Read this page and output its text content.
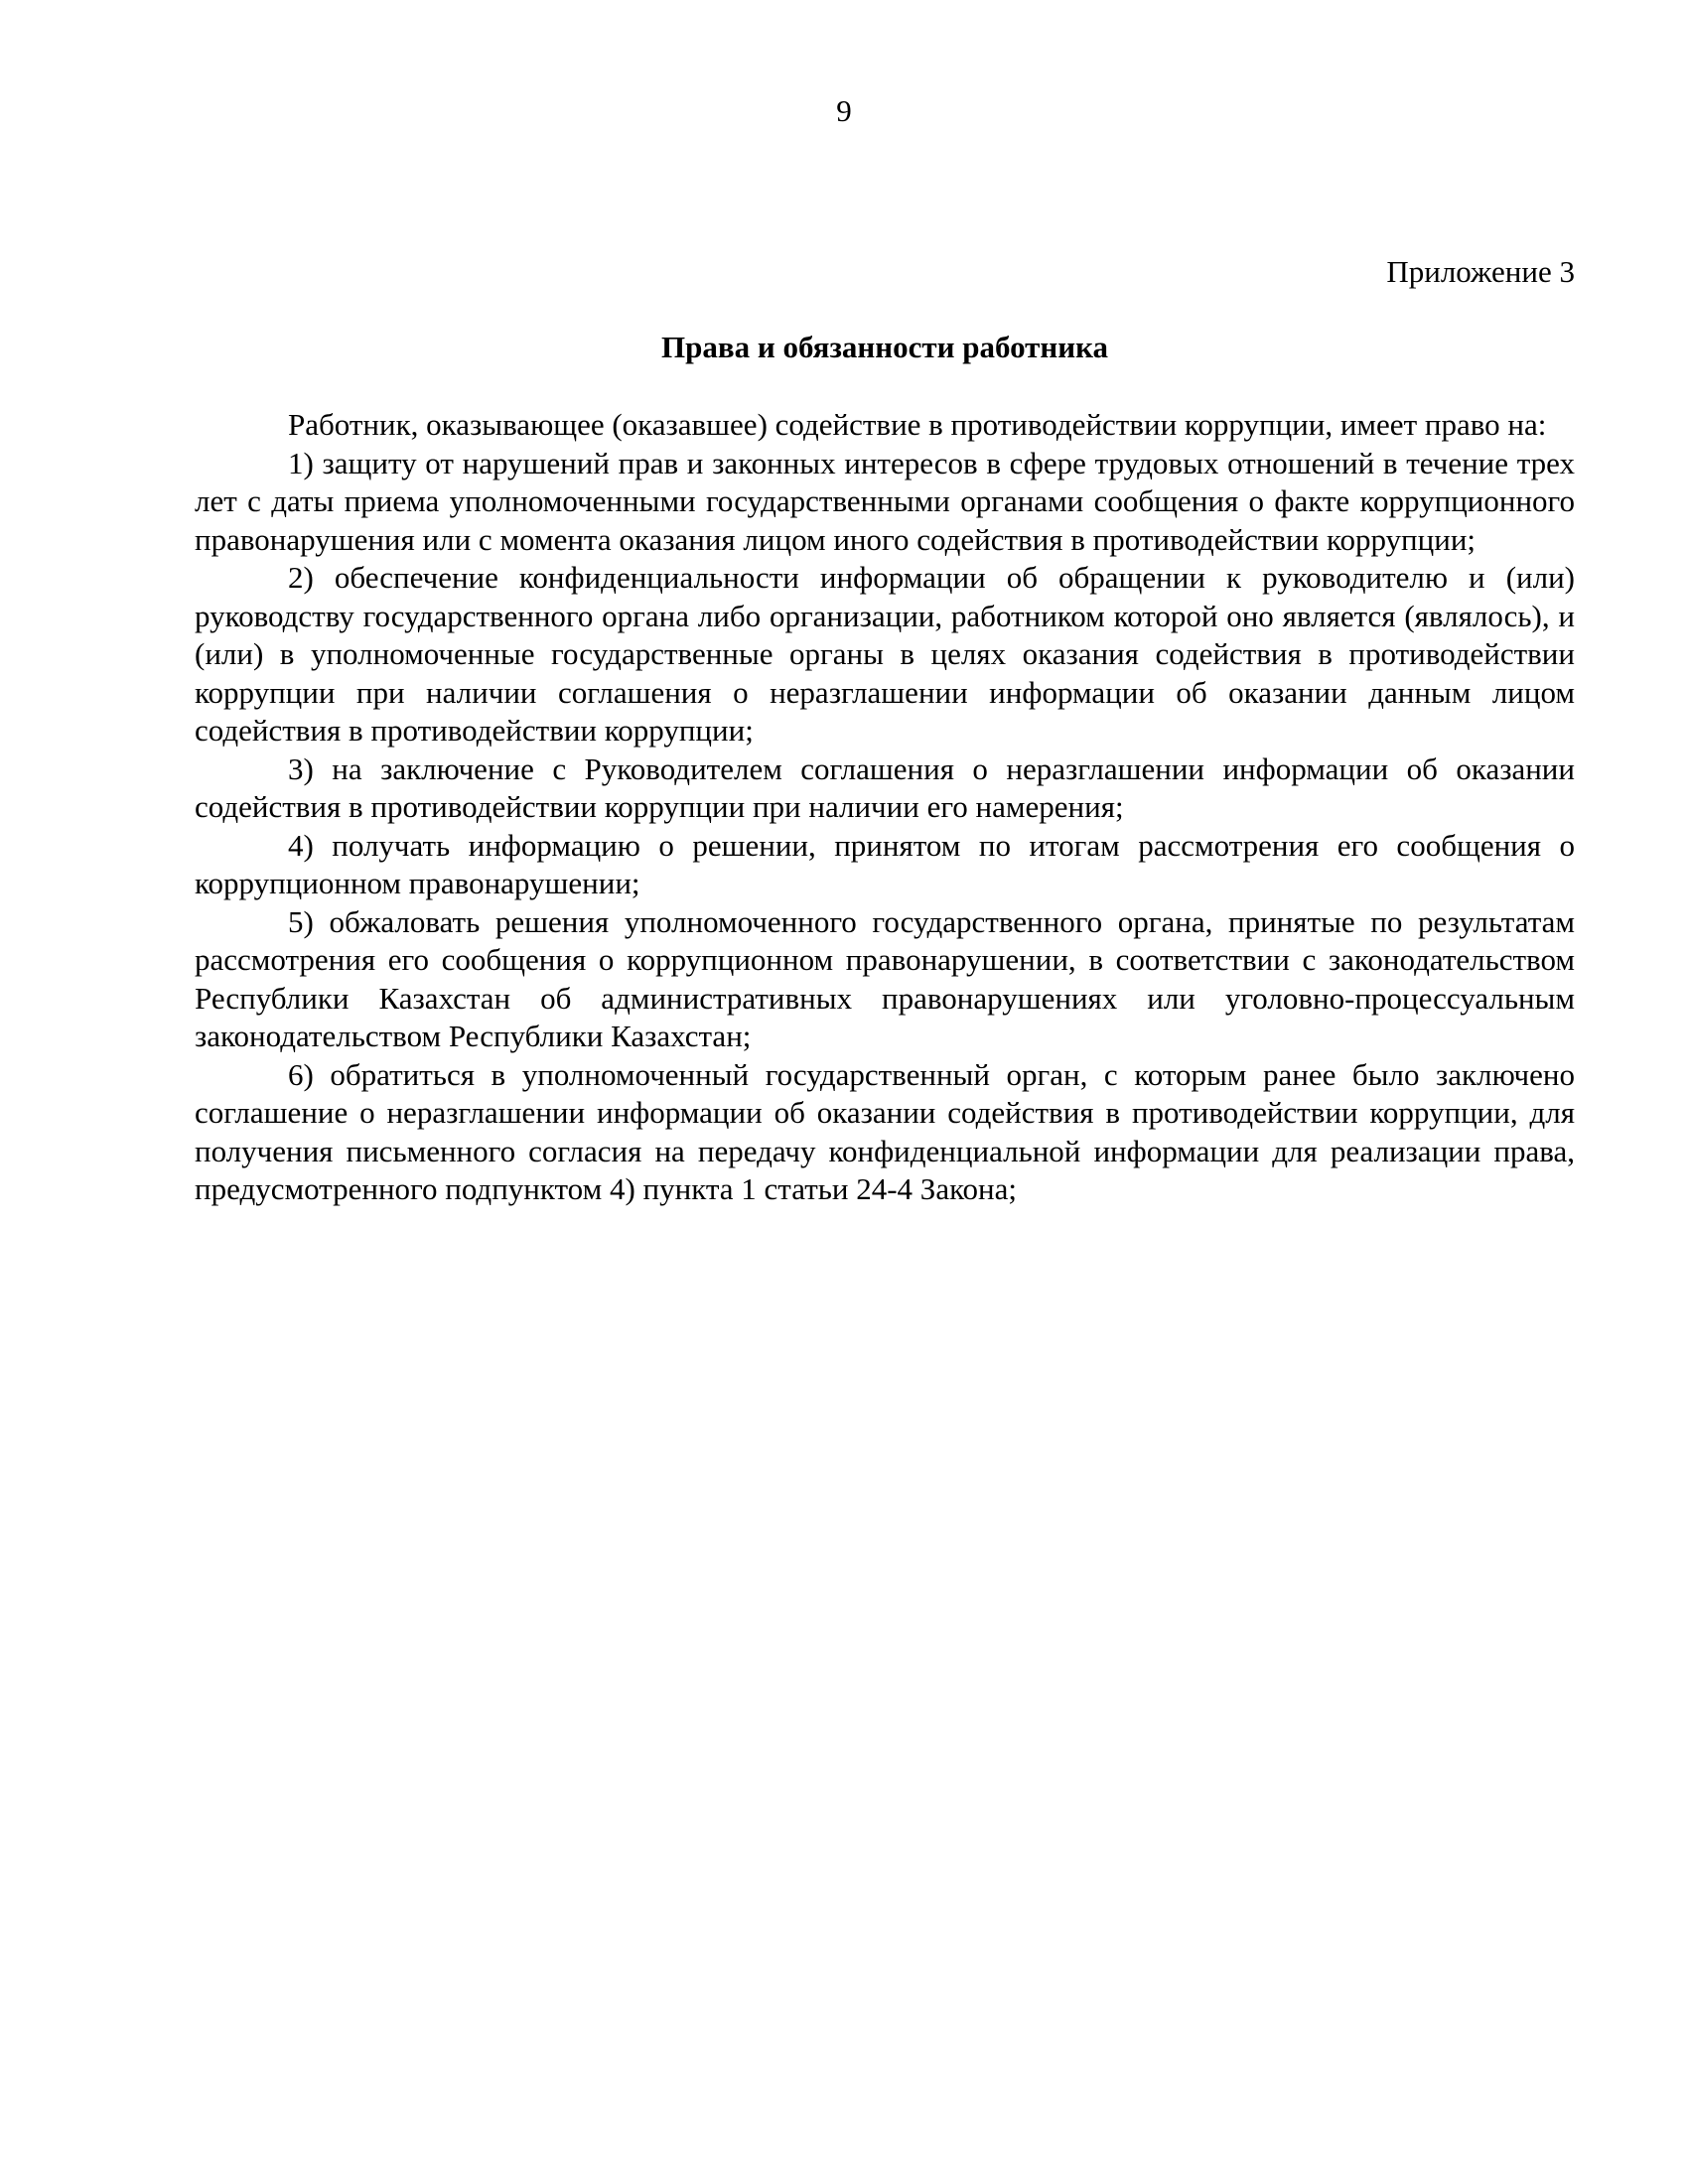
9
Приложение 3
Права и обязанности работника

Работник, оказывающее (оказавшее) содействие в противодействии коррупции, имеет право на:

1) защиту от нарушений прав и законных интересов в сфере трудовых отношений в течение трех лет с даты приема уполномоченными государственными органами сообщения о факте коррупционного правонарушения или с момента оказания лицом иного содействия в противодействии коррупции;

2) обеспечение конфиденциальности информации об обращении к руководителю и (или) руководству государственного органа либо организации, работником которой оно является (являлось), и (или) в уполномоченные государственные органы в целях оказания содействия в противодействии коррупции при наличии соглашения о неразглашении информации об оказании данным лицом содействия в противодействии коррупции;

3) на заключение с Руководителем соглашения о неразглашении информации об оказании содействия в противодействии коррупции при наличии его намерения;

4) получать информацию о решении, принятом по итогам рассмотрения его сообщения о коррупционном правонарушении;

5) обжаловать решения уполномоченного государственного органа, принятые по результатам рассмотрения его сообщения о коррупционном правонарушении, в соответствии с законодательством Республики Казахстан об административных правонарушениях или уголовно-процессуальным законодательством Республики Казахстан;

6) обратиться в уполномоченный государственный орган, с которым ранее было заключено соглашение о неразглашении информации об оказании содействия в противодействии коррупции, для получения письменного согласия на передачу конфиденциальной информации для реализации права, предусмотренного подпунктом 4) пункта 1 статьи 24-4 Закона;
